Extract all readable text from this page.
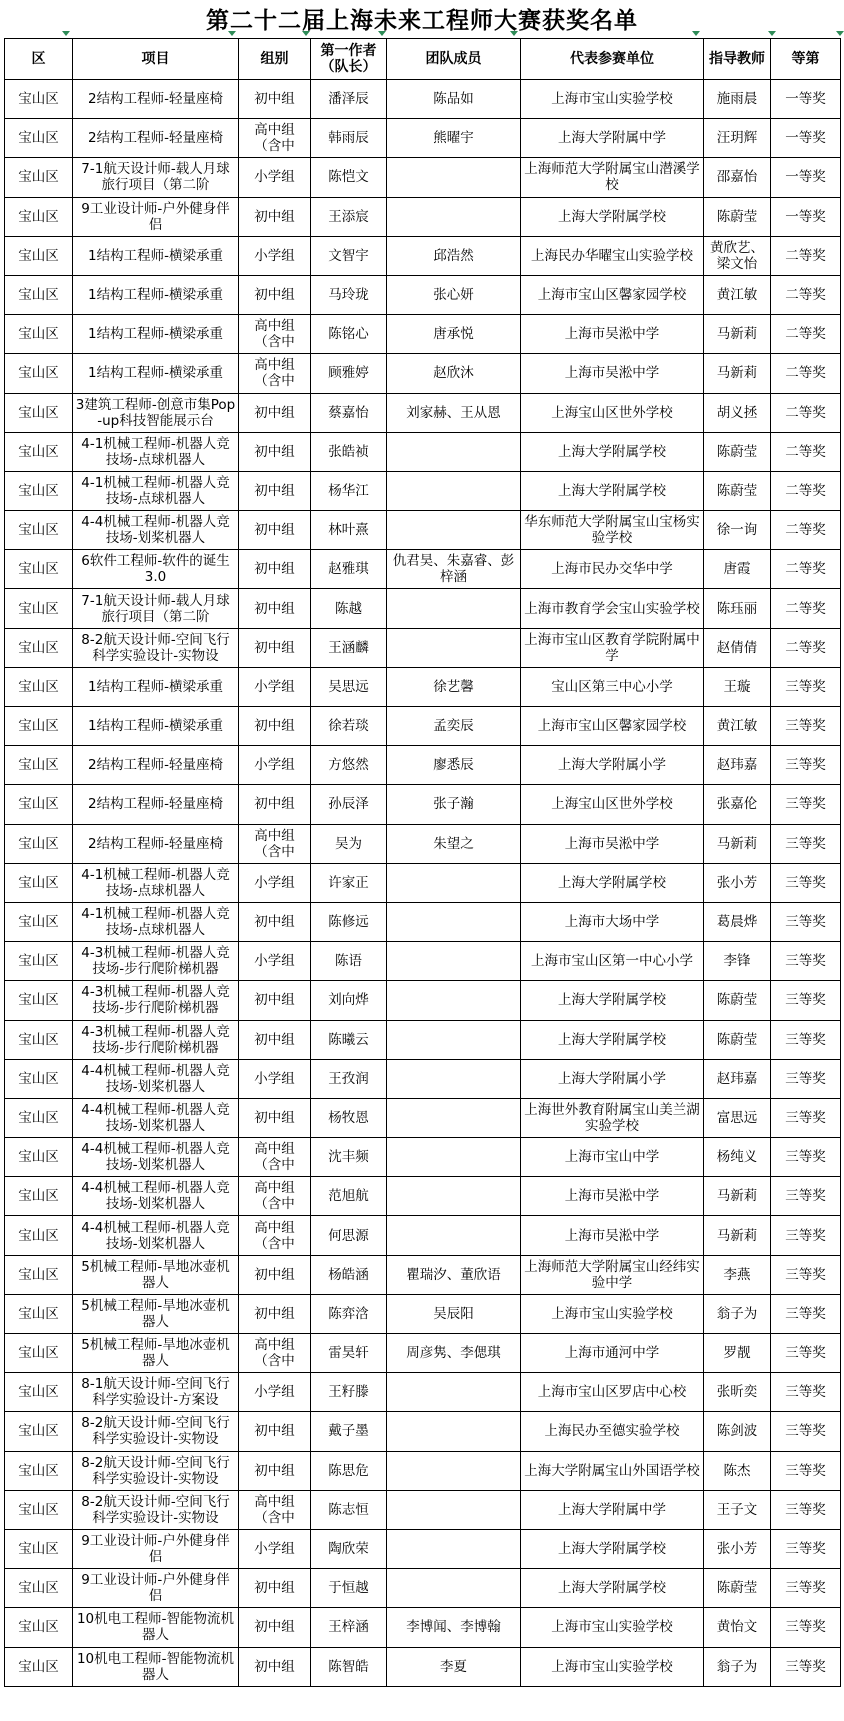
第二十二届上海未来工程师大赛获奖名单
区	项目	组别	第一作者（队长）	团队成员	代表参赛单位	指导教师	等第

宝山区	2结构工程师-轻量座椅	初中组	潘泽辰	陈品如	上海市宝山实验学校	施雨晨	一等奖

宝山区	2结构工程师-轻量座椅	高中组（含中	韩雨辰	熊曜宇	上海大学附属中学	汪玥辉	一等奖

宝山区	7-1航天设计师-载人月球旅行项目（第二阶	小学组	陈恺文		上海师范大学附属宝山潜溪学校	邵嘉怡	一等奖

宝山区	9工业设计师-户外健身伴侣	初中组	王添宸		上海大学附属学校	陈蔚莹	一等奖

宝山区	1结构工程师-横梁承重	小学组	文智宇	邱浩然	上海民办华曜宝山实验学校	黄欣艺、梁文怡	二等奖

宝山区	1结构工程师-横梁承重	初中组	马玲珑	张心妍	上海市宝山区馨家园学校	黄江敏	二等奖

宝山区	1结构工程师-横梁承重	高中组（含中	陈铭心	唐承悦	上海市吴淞中学	马新莉	二等奖

宝山区	1结构工程师-横梁承重	高中组（含中	顾雅婷	赵欣沐	上海市吴淞中学	马新莉	二等奖

宝山区	3建筑工程师-创意市集Pop-up科技智能展示台	初中组	蔡嘉怡	刘家赫、王从恩	上海宝山区世外学校	胡义拯	二等奖

宝山区	4-1机械工程师-机器人竞技场-点球机器人	初中组	张皓祯		上海大学附属学校	陈蔚莹	二等奖

宝山区	4-1机械工程师-机器人竞技场-点球机器人	初中组	杨华江		上海大学附属学校	陈蔚莹	二等奖

宝山区	4-4机械工程师-机器人竞技场-划桨机器人	初中组	林叶熹		华东师范大学附属宝山宝杨实验学校	徐一询	二等奖

宝山区	6软件工程师-软件的诞生3.0	初中组	赵雅琪	仇君昊、朱嘉睿、彭梓涵	上海市民办交华中学	唐霞	二等奖

宝山区	7-1航天设计师-载人月球旅行项目（第二阶	初中组	陈越		上海市教育学会宝山实验学校	陈珏丽	二等奖

宝山区	8-2航天设计师-空间飞行科学实验设计-实物设	初中组	王涵麟		上海市宝山区教育学院附属中学	赵倩倩	二等奖

宝山区	1结构工程师-横梁承重	小学组	吴思远	徐艺馨	宝山区第三中心小学	王璇	三等奖

宝山区	1结构工程师-横梁承重	初中组	徐若琰	孟奕辰	上海市宝山区馨家园学校	黄江敏	三等奖

宝山区	2结构工程师-轻量座椅	小学组	方悠然	廖悉辰	上海大学附属小学	赵玮嘉	三等奖

宝山区	2结构工程师-轻量座椅	初中组	孙辰泽	张子瀚	上海宝山区世外学校	张嘉伦	三等奖

宝山区	2结构工程师-轻量座椅	高中组（含中	吴为	朱望之	上海市吴淞中学	马新莉	三等奖

宝山区	4-1机械工程师-机器人竞技场-点球机器人	小学组	许家正		上海大学附属学校	张小芳	三等奖

宝山区	4-1机械工程师-机器人竞技场-点球机器人	初中组	陈修远		上海市大场中学	葛晨烨	三等奖

宝山区	4-3机械工程师-机器人竞技场-步行爬阶梯机器	小学组	陈语		上海市宝山区第一中心小学	李锋	三等奖

宝山区	4-3机械工程师-机器人竞技场-步行爬阶梯机器	初中组	刘向烨		上海大学附属学校	陈蔚莹	三等奖

宝山区	4-3机械工程师-机器人竞技场-步行爬阶梯机器	初中组	陈曦云		上海大学附属学校	陈蔚莹	三等奖

宝山区	4-4机械工程师-机器人竞技场-划桨机器人	小学组	王孜润		上海大学附属小学	赵玮嘉	三等奖

宝山区	4-4机械工程师-机器人竞技场-划桨机器人	初中组	杨牧恩		上海世外教育附属宝山美兰湖实验学校	富思远	三等奖

宝山区	4-4机械工程师-机器人竞技场-划桨机器人	高中组（含中	沈丰频		上海市宝山中学	杨纯义	三等奖

宝山区	4-4机械工程师-机器人竞技场-划桨机器人	高中组（含中	范旭航		上海市吴淞中学	马新莉	三等奖

宝山区	4-4机械工程师-机器人竞技场-划桨机器人	高中组（含中	何思源		上海市吴淞中学	马新莉	三等奖

宝山区	5机械工程师-旱地冰壶机器人	初中组	杨皓涵	瞿瑞汐、董欣语	上海师范大学附属宝山经纬实验中学	李燕	三等奖

宝山区	5机械工程师-旱地冰壶机器人	初中组	陈弈浛	吴辰阳	上海市宝山实验学校	翁子为	三等奖

宝山区	5机械工程师-旱地冰壶机器人	高中组（含中	雷昊轩	周彦隽、李偲琪	上海市通河中学	罗靓	三等奖

宝山区	8-1航天设计师-空间飞行科学实验设计-方案设	小学组	王籽滕		上海市宝山区罗店中心校	张昕奕	三等奖

宝山区	8-2航天设计师-空间飞行科学实验设计-实物设	初中组	戴子墨		上海民办至德实验学校	陈剑波	三等奖

宝山区	8-2航天设计师-空间飞行科学实验设计-实物设	初中组	陈思危		上海大学附属宝山外国语学校	陈杰	三等奖

宝山区	8-2航天设计师-空间飞行科学实验设计-实物设	高中组（含中	陈志恒		上海大学附属中学	王子文	三等奖

宝山区	9工业设计师-户外健身伴侣	小学组	陶欣荣		上海大学附属学校	张小芳	三等奖

宝山区	9工业设计师-户外健身伴侣	初中组	于恒越		上海大学附属学校	陈蔚莹	三等奖

宝山区	10机电工程师-智能物流机器人	初中组	王梓涵	李博闻、李博翰	上海市宝山实验学校	黄怡文	三等奖

宝山区	10机电工程师-智能物流机器人	初中组	陈智皓	李夏	上海市宝山实验学校	翁子为	三等奖
